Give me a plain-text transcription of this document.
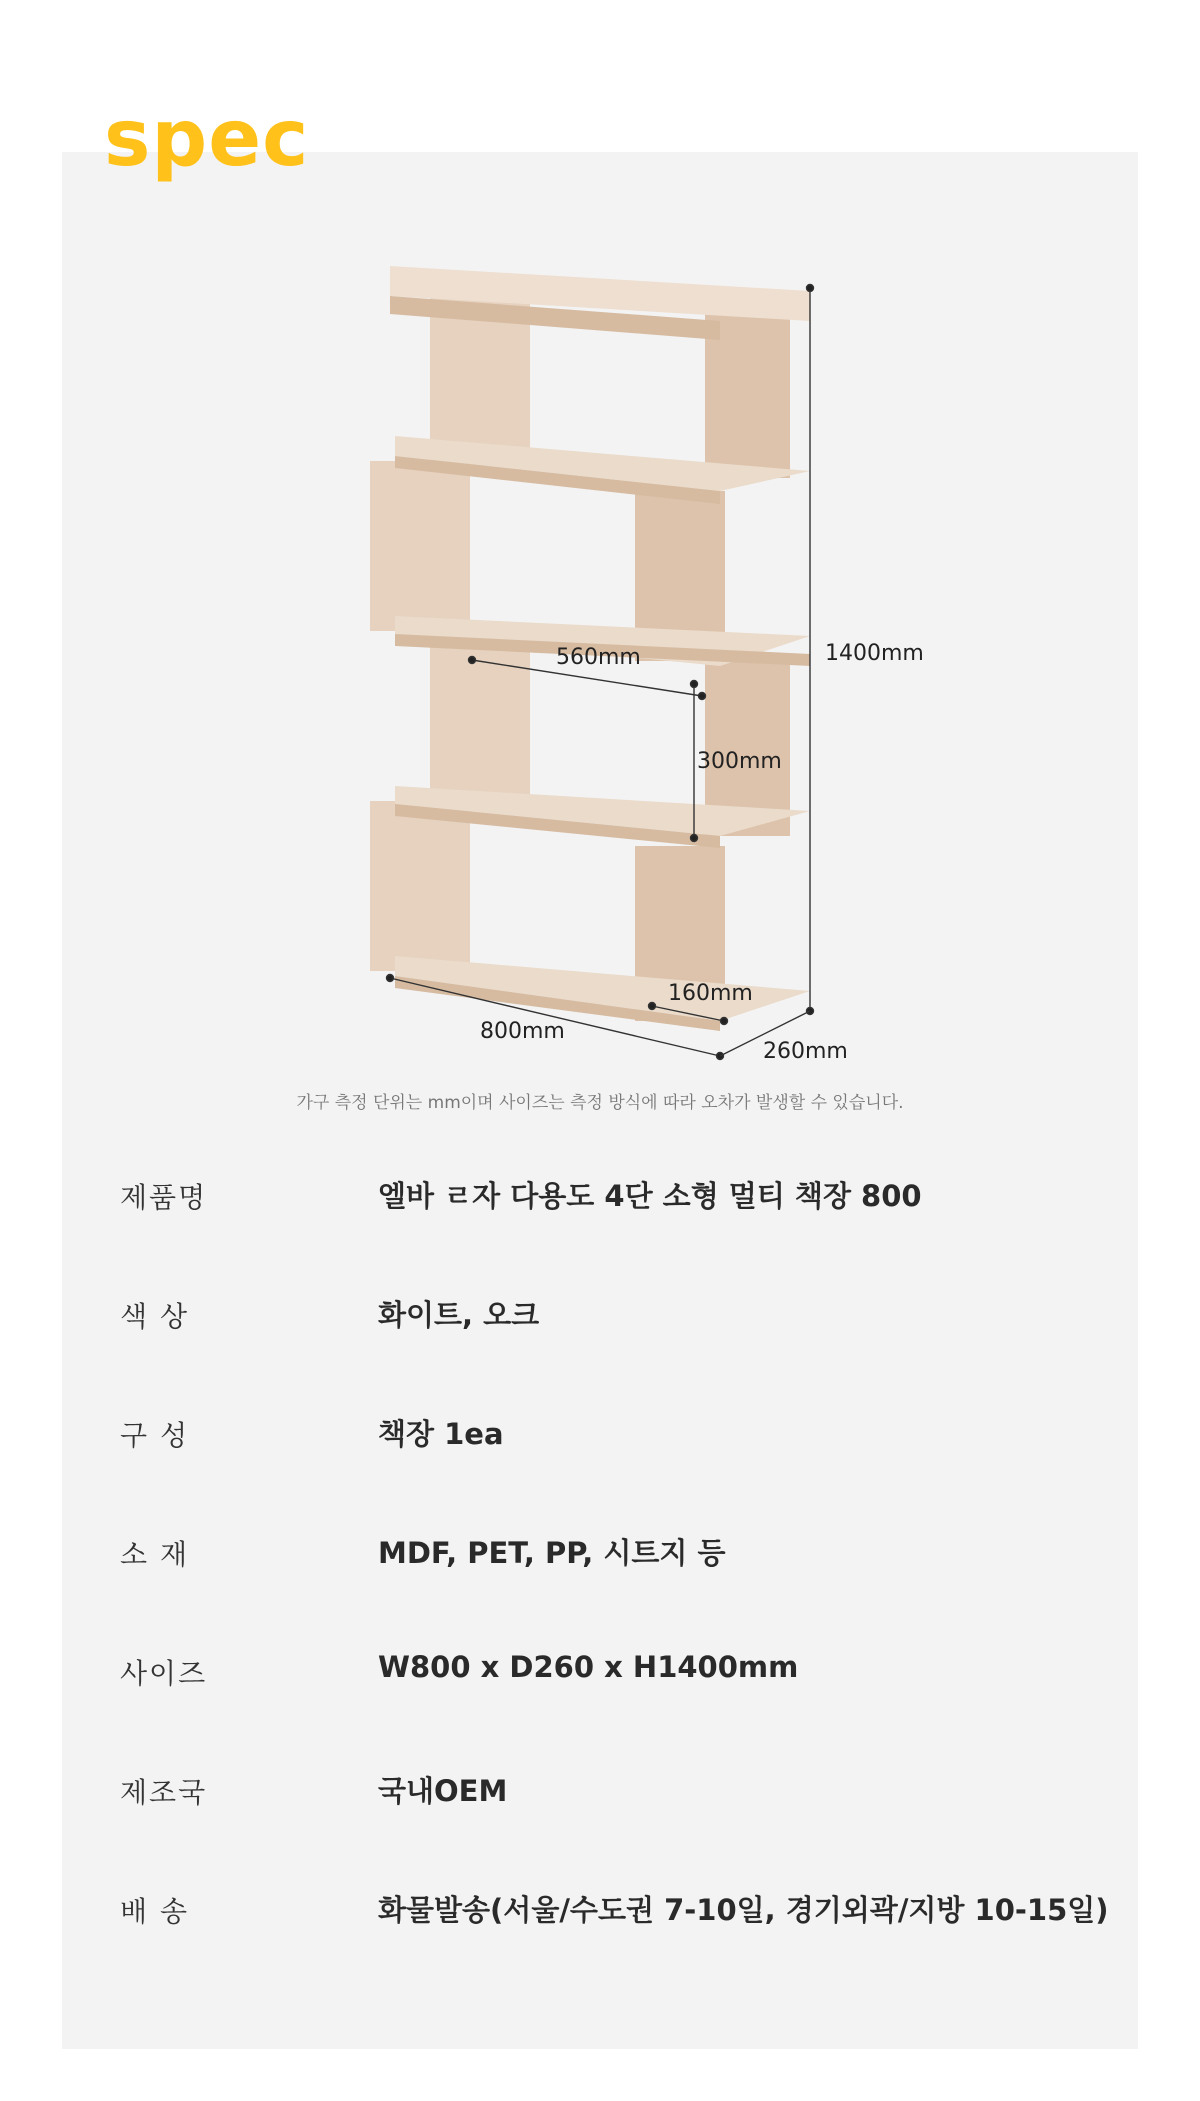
spec
1400mm
560mm
300mm
160mm
800mm
260mm
가구 측정 단위는 mm이며 사이즈는 측정 방식에 따라 오차가 발생할 수 있습니다.

제품명	엘바 ㄹ자 다용도 4단 소형 멀티 책장 800

색 상	화이트, 오크

구 성	책장 1ea

소 재	MDF, PET, PP, 시트지 등

사이즈	W800 x D260 x H1400mm

제조국	국내OEM

배 송	화물발송(서울/수도권 7-10일, 경기외곽/지방 10-15일)
